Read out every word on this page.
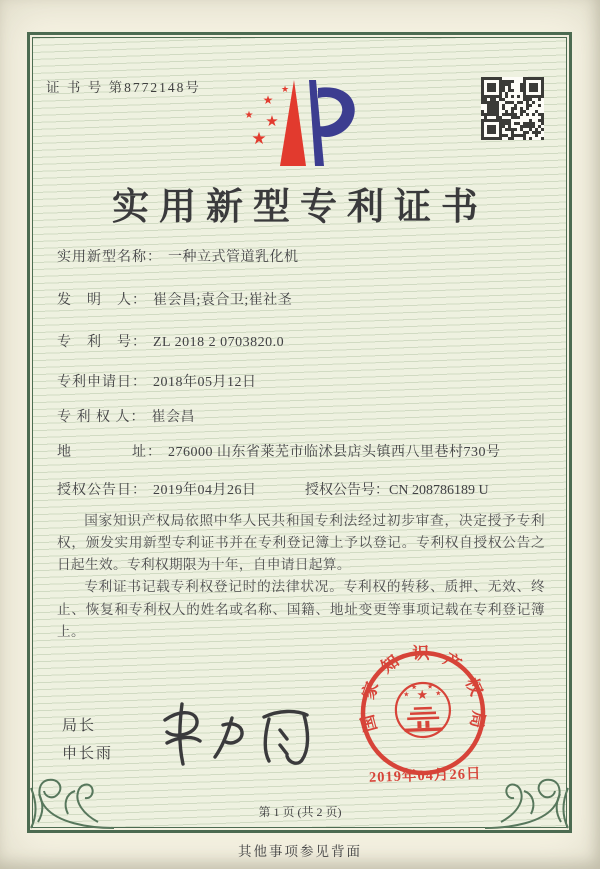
证 书 号 第8772148号	★
★
★ ★
★
实用新型专利证书
实用新型名称： 一种立式管道乳化机
发　明　人： 崔会昌;袁合卫;崔社圣
专　利　号： ZL 2018 2 0703820.0
专利申请日： 2018年05月12日
专 利 权 人： 崔会昌
地　　　　址： 276000 山东省莱芜市临沭县店头镇西八里巷村730号
授权公告日： 2019年04月26日	授权公告号：CN 208786189 U

国家知识产权局依照中华人民共和国专利法经过初步审查，决定授予专利权，颁发实用新型专利证书并在专利登记簿上予以登记。专利权自授权公告之日起生效。专利权期限为十年，自申请日起算。

专利证书记载专利权登记时的法律状况。专利权的转移、质押、无效、终止、恢复和专利权人的姓名或名称、国籍、地址变更等事项记载在专利登记簿上。

局长
申长雨
国家知识产权局
★
★
★ ★
★
2019年04月26日
第 1 页 (共 2 页)
其他事项参见背面
